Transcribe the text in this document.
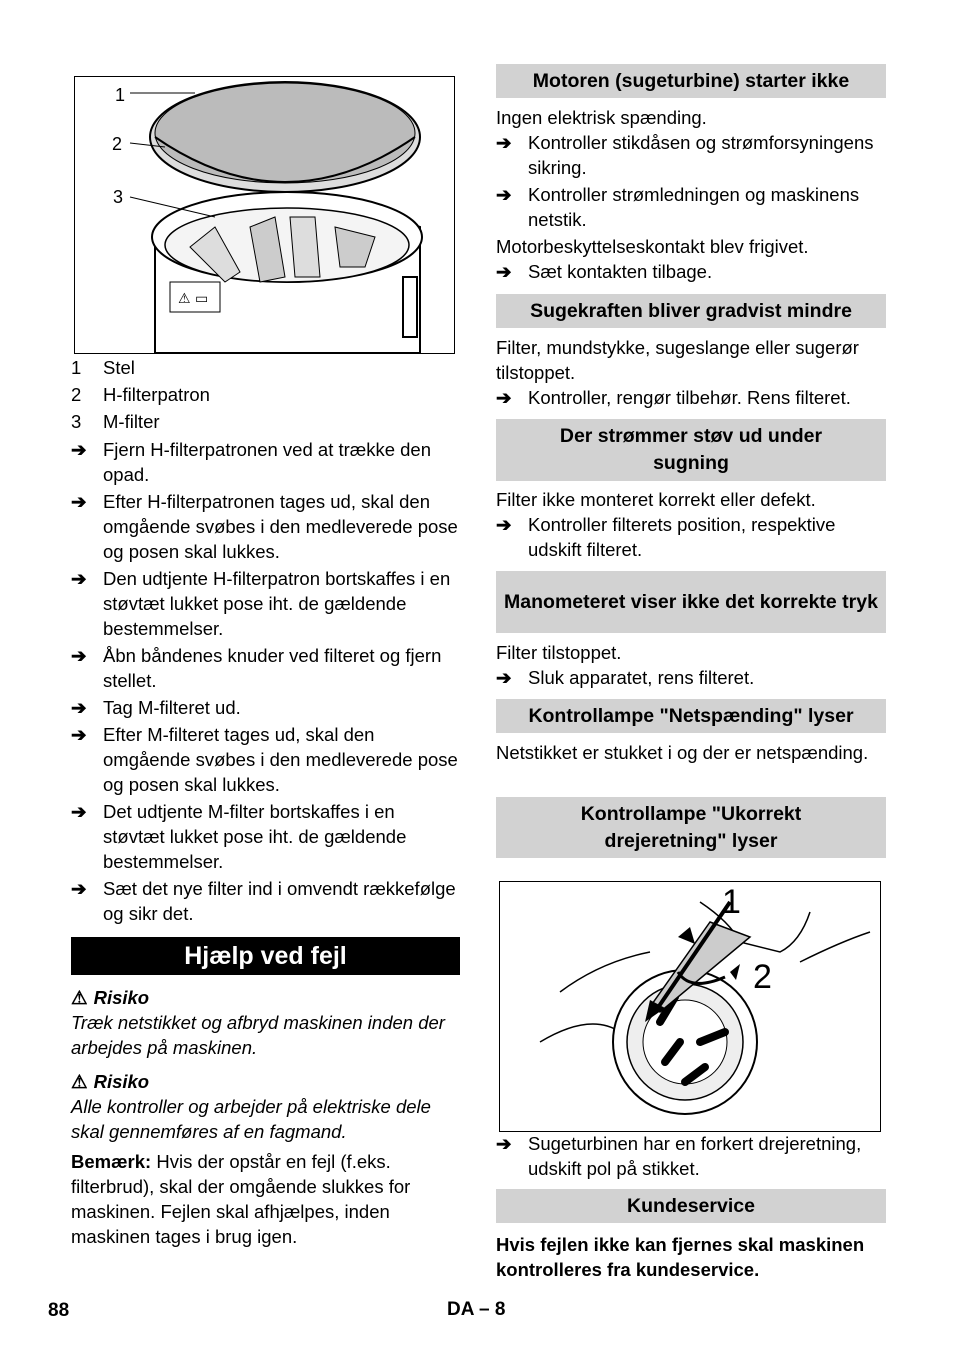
⚠ ▭
1
2
3
1	Stel
2	H-filterpatron
3	M-filter
➔ Fjern H-filterpatronen ved at trække den opad.
➔ Efter H-filterpatronen tages ud, skal den omgående svøbes i den medleverede pose og posen skal lukkes.
➔ Den udtjente H-filterpatron bortskaffes i en støvtæt lukket pose iht. de gældende bestemmelser.
➔ Åbn båndenes knuder ved filteret og fjern stellet.
➔ Tag M-filteret ud.
➔ Efter M-filteret tages ud, skal den omgående svøbes i den medleverede pose og posen skal lukkes.
➔ Det udtjente M-filter bortskaffes i en støvtæt lukket pose iht. de gældende bestemmelser.
➔ Sæt det nye filter ind i omvendt rækkefølge og sikr det.
Hjælp ved fejl
⚠ Risiko
Træk netstikket og afbryd maskinen inden der arbejdes på maskinen.
⚠ Risiko
Alle kontroller og arbejder på elektriske dele skal gennemføres af en fagmand.
Bemærk: Hvis der opstår en fejl (f.eks. filterbrud), skal der omgående slukkes for maskinen. Fejlen skal afhjælpes, inden maskinen tages i brug igen.
Motoren (sugeturbine) starter ikke
Ingen elektrisk spænding.
➔ Kontroller stikdåsen og strømforsyningens sikring.
➔ Kontroller strømledningen og maskinens netstik.
Motorbeskyttelseskontakt blev frigivet.
➔ Sæt kontakten tilbage.
Sugekraften bliver gradvist mindre
Filter, mundstykke, sugeslange eller sugerør tilstoppet.
➔ Kontroller, rengør tilbehør. Rens filteret.
Der strømmer støv ud under sugning
Filter ikke monteret korrekt eller defekt.
➔ Kontroller filterets position, respektive udskift filteret.
Manometeret viser ikke det korrekte tryk
Filter tilstoppet.
➔ Sluk apparatet, rens filteret.
Kontrollampe "Netspænding" lyser
Netstikket er stukket i og der er netspænding.
Kontrollampe "Ukorrekt drejeretning" lyser
1
2
➔ Sugeturbinen har en forkert drejeretning, udskift pol på stikket.
Kundeservice
Hvis fejlen ikke kan fjernes skal maskinen kontrolleres fra kundeservice.
88	DA – 8
